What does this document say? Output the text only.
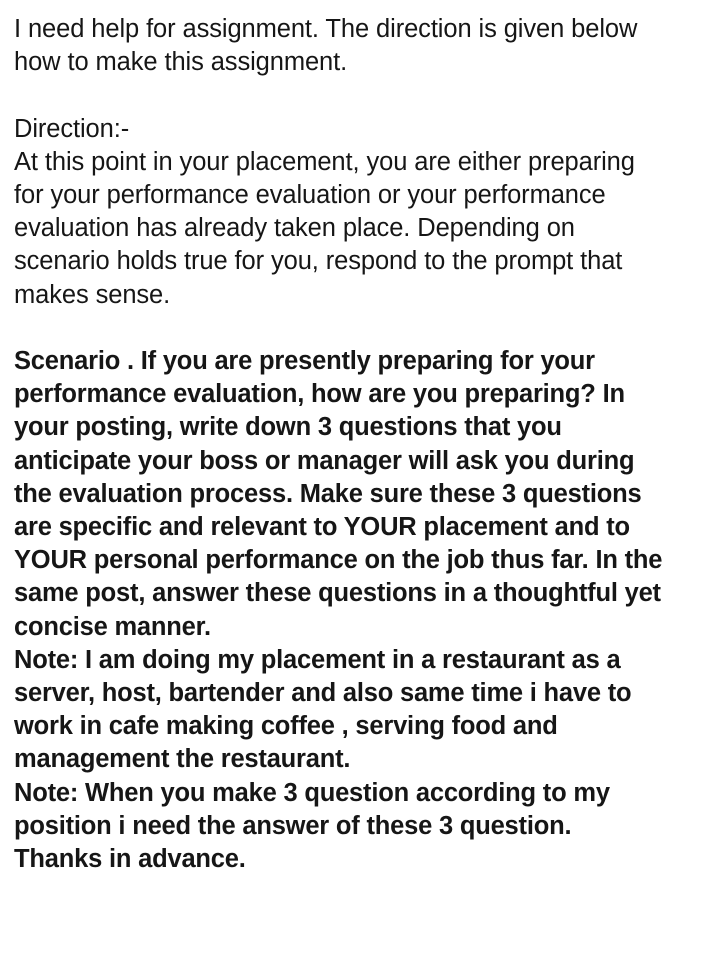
I need help for assignment. The direction is given below
how to make this assignment.
Direction:-
At this point in your placement, you are either preparing
for your performance evaluation or your performance
evaluation has already taken place. Depending on
scenario holds true for you, respond to the prompt that
makes sense.
Scenario . If you are presently preparing for your
performance evaluation, how are you preparing? In
your posting, write down 3 questions that you
anticipate your boss or manager will ask you during
the evaluation process. Make sure these 3 questions
are specific and relevant to YOUR placement and to
YOUR personal performance on the job thus far. In the
same post, answer these questions in a thoughtful yet
concise manner.
Note: I am doing my placement in a restaurant as a
server, host, bartender and also same time i have to
work in cafe making coffee , serving food and
management the restaurant.
Note: When you make 3 question according to my
position i need the answer of these 3 question.
Thanks in advance.
